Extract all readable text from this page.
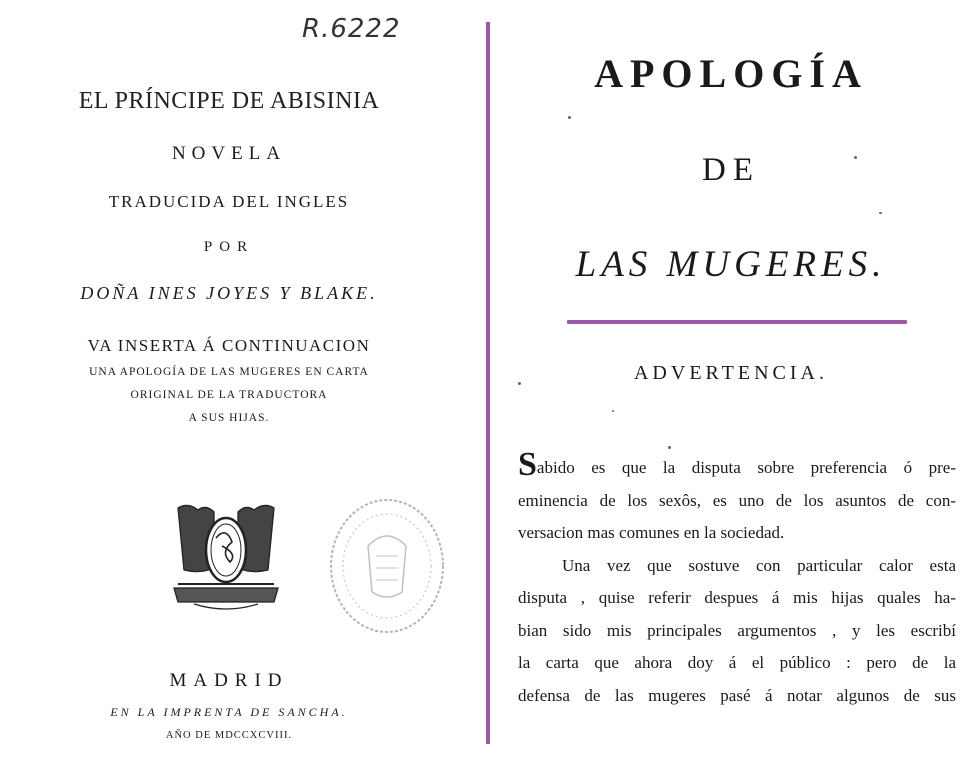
R.6222
EL PRÍNCIPE DE ABISINIA
NOVELA
TRADUCIDA DEL INGLES
POR
DOÑA INES JOYES Y BLAKE.
VA INSERTA Á CONTINUACION
UNA APOLOGÍA DE LAS MUGERES EN CARTA
ORIGINAL DE LA TRADUCTORA
A SUS HIJAS.
MADRID
EN LA IMPRENTA DE SANCHA.
AÑO DE MDCCXCVIII.
APOLOGÍA
DE
LAS MUGERES.
ADVERTENCIA.
Sabido es que la disputa sobre preferencia ó pre-
eminencia de los sexôs, es uno de los asuntos de con-
versacion mas comunes en la sociedad.
Una vez que sostuve con particular calor esta
disputa , quise referir despues á mis hijas quales ha-
bian sido mis principales argumentos , y les escribí
la carta que ahora doy á el público : pero de la
defensa de las mugeres pasé á notar algunos de sus
